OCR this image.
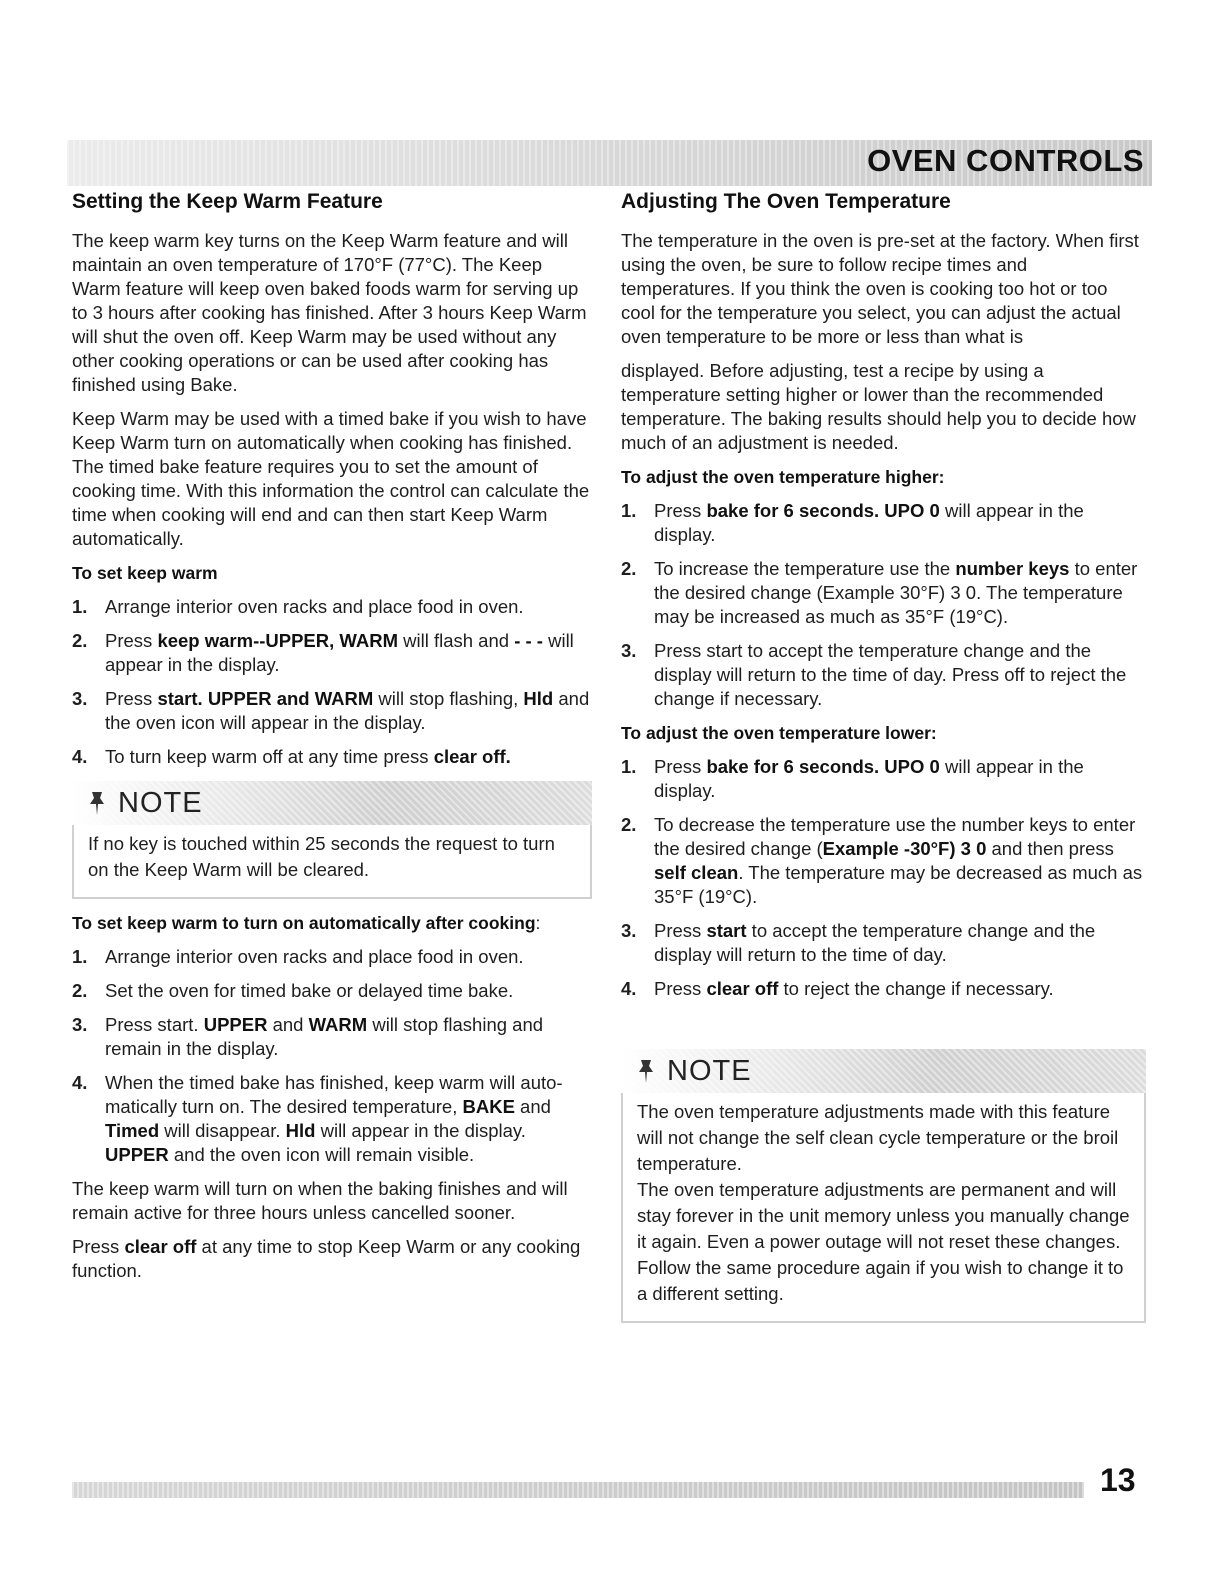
OVEN CONTROLS
Setting the Keep Warm Feature

The keep warm key turns on the Keep Warm feature and will maintain an oven temperature of 170°F (77°C). The Keep Warm feature will keep oven baked foods warm for serving up to 3 hours after cooking has finished. After 3 hours Keep Warm will shut the oven off. Keep Warm may be used without any other cooking operations or can be used after cooking has finished using Bake.

Keep Warm may be used with a timed bake if you wish to have Keep Warm turn on automatically when cooking has finished. The timed bake feature requires you to set the amount of cooking time. With this information the control can calculate the time when cooking will end and can then start Keep Warm automatically.

To set keep warm
1. Arrange interior oven racks and place food in oven.
2. Press keep warm--UPPER, WARM will flash and - - - will appear in the display.
3. Press start. UPPER and WARM will stop flashing, Hld and the oven icon will appear in the display.
4. To turn keep warm off at any time press clear off.
NOTE

If no key is touched within 25 seconds the request to turn on the Keep Warm will be cleared.

To set keep warm to turn on automatically after cooking:
1. Arrange interior oven racks and place food in oven.
2. Set the oven for timed bake or delayed time bake.
3. Press start. UPPER and WARM will stop flashing and remain in the display.
4. When the timed bake has finished, keep warm will auto-matically turn on. The desired temperature, BAKE and Timed will disappear. Hld will appear in the display. UPPER and the oven icon will remain visible.

The keep warm will turn on when the baking finishes and will remain active for three hours unless cancelled sooner.

Press clear off at any time to stop Keep Warm or any cooking function.

Adjusting The Oven Temperature

The temperature in the oven is pre-set at the factory. When first using the oven, be sure to follow recipe times and temperatures. If you think the oven is cooking too hot or too cool for the temperature you select, you can adjust the actual oven temperature to be more or less than what is

displayed. Before adjusting, test a recipe by using a temperature setting higher or lower than the recommended temperature. The baking results should help you to decide how much of an adjustment is needed.

To adjust the oven temperature higher:
1. Press bake for 6 seconds. UPO 0 will appear in the display.
2. To increase the temperature use the number keys to enter the desired change (Example 30°F) 3 0. The temperature may be increased as much as 35°F (19°C).
3. Press start to accept the temperature change and the display will return to the time of day. Press off to reject the change if necessary.
To adjust the oven temperature lower:
1. Press bake for 6 seconds. UPO 0 will appear in the display.
2. To decrease the temperature use the number keys to enter the desired change (Example -30°F) 3 0 and then press self clean. The temperature may be decreased as much as 35°F (19°C).
3. Press start to accept the temperature change and the display will return to the time of day.
4. Press clear off to reject the change if necessary.
NOTE

The oven temperature adjustments made with this feature will not change the self clean cycle temperature or the broil temperature.

The oven temperature adjustments are permanent and will stay forever in the unit memory unless you manually change it again. Even a power outage will not reset these changes. Follow the same procedure again if you wish to change it to a different setting.

13
